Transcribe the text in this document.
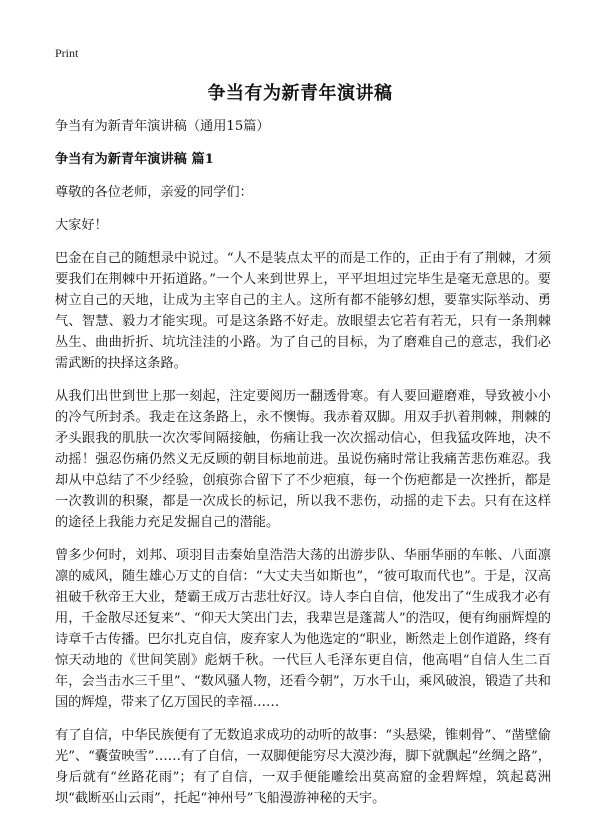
Print
争当有为新青年演讲稿

争当有为新青年演讲稿（通用15篇）

争当有为新青年演讲稿 篇1

尊敬的各位老师，亲爱的同学们：

大家好！

巴金在自己的随想录中说过。“人不是装点太平的而是工作的，正由于有了荆棘，才须要我们在荆棘中开拓道路。”一个人来到世界上，平平坦坦过完毕生是毫无意思的。要树立自己的天地，让成为主宰自己的主人。这所有都不能够幻想，要靠实际举动、勇气、智慧、毅力才能实现。可是这条路不好走。放眼望去它若有若无，只有一条荆棘丛生、曲曲折折、坑坑洼洼的小路。为了自己的目标，为了磨难自己的意志，我们必需武断的抉择这条路。

从我们出世到世上那一刻起，注定要阅历一翻透骨寒。有人要回避磨难，导致被小小的冷气所封杀。我走在这条路上，永不懊悔。我赤着双脚。用双手扒着荆棘，荆棘的矛头跟我的肌肤一次次零间隔接触，伤痛让我一次次摇动信心，但我猛攻阵地，决不动摇！强忍伤痛仍然义无反顾的朝目标地前进。虽说伤痛时常让我痛苦悲伤难忍。我却从中总结了不少经验，创痕弥合留下了不少疤痕，每一个伤疤都是一次挫折，都是一次教训的积聚，都是一次成长的标记，所以我不悲伤，动摇的走下去。只有在这样的途径上我能力充足发掘自己的潜能。

曾多少何时，刘邦、项羽目击秦始皇浩浩大荡的出游步队、华丽华丽的车帐、八面凛凛的威风，随生雄心万丈的自信：“大丈夫当如斯也”，“彼可取而代也”。于是，汉高祖破千秋帝王大业，楚霸王成万古悲壮好汉。诗人李白自信，他发出了“生成我才必有用，千金散尽还复来”、“仰天大笑出门去，我辈岂是蓬蒿人”的浩叹，便有绚丽辉煌的诗章千古传播。巴尔扎克自信，废弃家人为他选定的“职业，断然走上创作道路，终有惊天动地的《世间笑剧》彪炳千秋。一代巨人毛泽东更自信，他高唱“自信人生二百年，会当击水三千里”、“数风骚人物，还看今朝”，万水千山，乘风破浪，锻造了共和国的辉煌，带来了亿万国民的幸福……

有了自信，中华民族便有了无数追求成功的动听的故事：“头悬梁，锥刺骨”、“凿壁偷光”、“囊萤映雪”……有了自信，一双脚便能穷尽大漠沙海，脚下就飘起“丝绸之路”，身后就有“丝路花雨”；有了自信，一双手便能雕绘出莫高窟的金碧辉煌，筑起葛洲坝“截断巫山云雨”，托起“神州号”飞船漫游神秘的天宇。
